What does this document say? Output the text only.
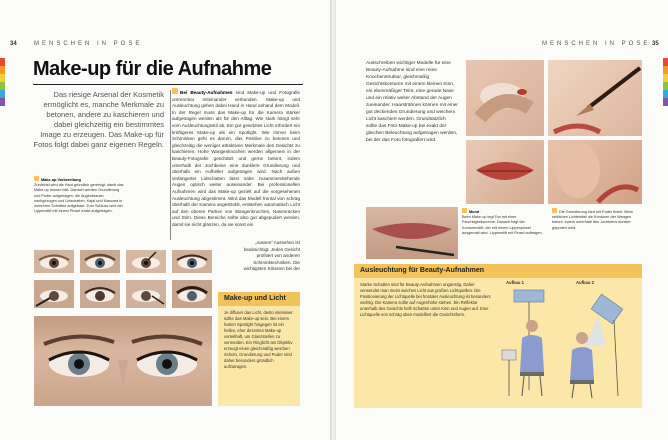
MENSCHEN IN POSE
34
Make-up für die Aufnahme
Das riesige Arsenal der Kosmetik ermöglicht es, manche Merkmale zu betonen, andere zu kaschieren und dabei gleichzeitig ein bestimmtes Image zu erzeugen. Das Make-up für Fotos folgt dabei ganz eigenen Regeln.
Bei Beauty-Aufnahmen sind Make-up und Fotografie untrennbar miteinander verbunden. Make-up und Ausleuchtung gehen dabei Hand in Hand anhand dem Modell. In der Regel muss das Make-up für die Kamera stärker aufgetragen werden als für den Alltag. Wie stark hängt sehr vom Ausleuchtungsstil ab. Ein gut gesetztes Licht erfordert ein kräftigeres Make-up als ein Spotlight. Wie immer beim Schminken geht es darum, das Positive zu betonen und gleichzeitig die weniger attraktiven Merkmale des Gesichts zu kaschieren. Hohe Wangenknochen werden allgemein in der Beauty-Fotografie geschätzt und gerne betont, indem unterhalb der Jochbeine eine dunklere Grundierung und oberhalb ein Aufheller aufgetragen wird. Nach außen verlängerter Lidschatten lässt nahe zusammenstehende Augen optisch weiter auseinander. Bei professionellen Aufnahmen wird das Make-up gezielt auf die vorgesehenen Ausleuchtung abgestimmt. Wird das Modell frontal von schräg oberhalb der Kamera angestrahlt, entstehen automatisch Licht auf den oberen Partien von Wangenknochen, Nasenrücken und Stirn. Diese Bereiche sollte also gut abgepudert werden, damit sie nicht glänzen, da sie sonst ein
„nasses“ Aussehen ist beabsichtigt. Jedes Gesicht profitiert von anderen Schminktechniken. Die wichtigsten Kriterien bei der
Make-up Vorbereitung
Zunächst wird die Haut gründlich gereinigt, damit das Make-up besser hält. Danach werden Grundierung und Puder aufgetragen, die Augenbrauen nachgezogen und Lidschatten, Kajal und Mascara in mehreren Schritten aufgebaut. Zum Schluss wird der Lippenstift mit einem Pinsel exakt aufgetragen.
Make-up und Licht
Je diffuser das Licht, desto intensiver sollte das Make-up sein. Bei einem harten Spotlight hingegen ist ein helles, eher dezentes Make-up vorteilhaft, um Glanzstellen zu vermeiden. Ein Ringlicht am Objektiv erzeugt einen gleichmäßig weichen Schein, Grundierung und Puder sind daher besonders gründlich aufzutragen.
MENSCHEN IN POSE 35
Ausschreiben wichtiger Modelle für eine Beauty-Aufnahme sind eine reine Knochenstruktur, gleichmäßig Gesichtskonturen mit einem kleinen Kinn, ein ebenmäßiger Teint, eine gerade Nase und ein relativ weiter Abstand der Augen zueinander. Haarsträhnen können mit einer gut deckenden Grundierung und weichem Licht kaschiert werden. Grundsätzlich sollte das Foto-Make-up bei exakt der gleichen Beleuchtung aufgetragen werden, bei der das Foto fotografiert wird.
Mund
Beim Make-up legt Ton mit einer Feuchtigkeitscreme. Danach folgt der Konturenstift, der mit einem Lippenpinsel ausgemalt wird. Lippenstift mit Pinsel auftragen.
Die Grundierung wird mit Puder fixiert. Beim seitlichen Lichteinfall die Konturen der Wangen betont, indem unterhalb des Jochbeins dunkler gepudert wird.
Ausleuchtung für Beauty-Aufnahmen
Starke Schatten sind für Beauty-Aufnahmen ungünstig. Daher verwendet man meist weiches Licht aus großen Lichtquellen. Die Positionierung der Lichtquelle bei frontaler Ausleuchtung ist besonders wichtig. Die Kamera sollte auf Augenhöhe stehen. Ein Reflektor unterhalb des Gesichts hellt Schatten unter Kinn und Augen auf. Eine Lichtquelle von schräg oben modelliert die Gesichtsform.
Aufbau 1	Aufbau 2
